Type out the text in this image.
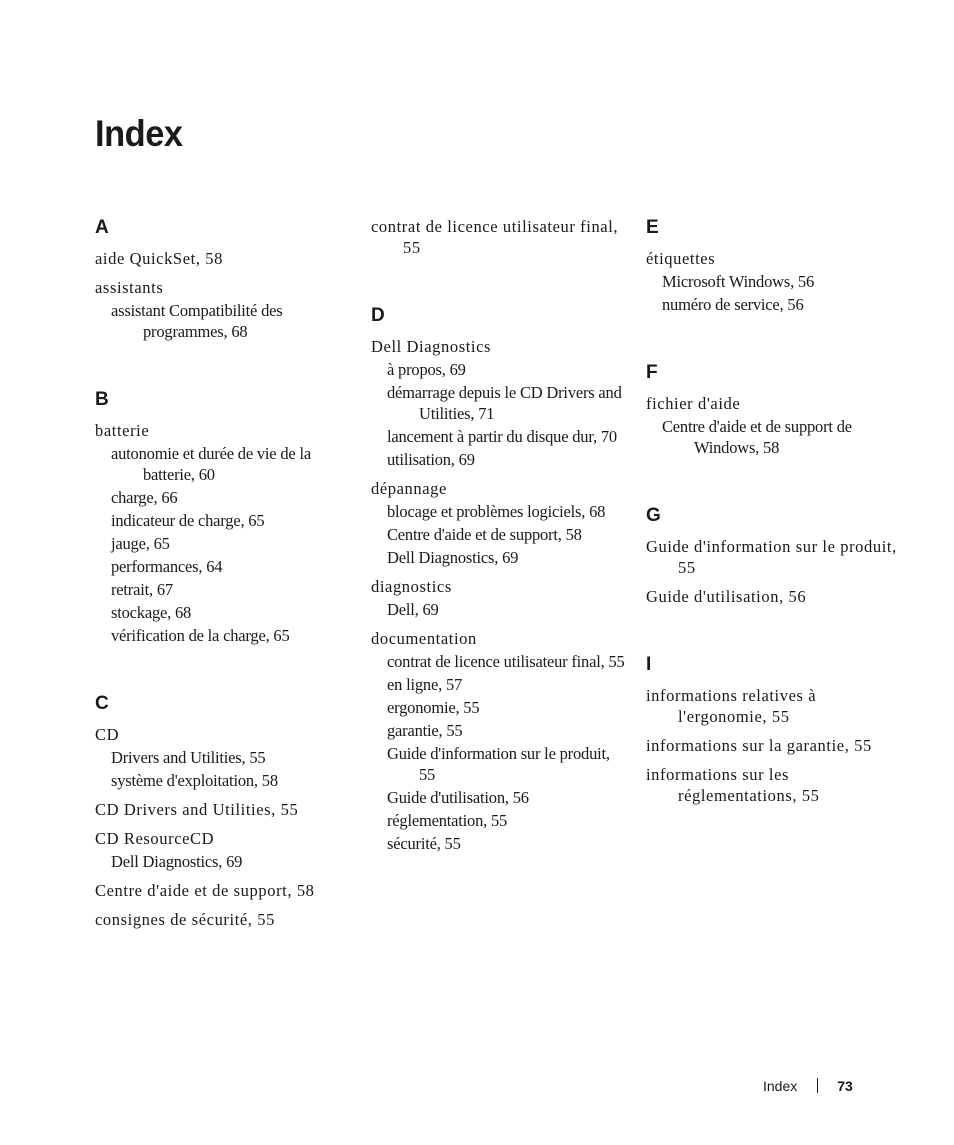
Index
A
aide QuickSet, 58
assistants
assistant Compatibilité des programmes, 68
B
batterie
autonomie et durée de vie de la batterie, 60
charge, 66
indicateur de charge, 65
jauge, 65
performances, 64
retrait, 67
stockage, 68
vérification de la charge, 65
C
CD
Drivers and Utilities, 55
système d'exploitation, 58
CD Drivers and Utilities, 55
CD ResourceCD
Dell Diagnostics, 69
Centre d'aide et de support, 58
consignes de sécurité, 55
contrat de licence utilisateur final, 55
D
Dell Diagnostics
à propos, 69
démarrage depuis le CD Drivers and Utilities, 71
lancement à partir du disque dur, 70
utilisation, 69
dépannage
blocage et problèmes logiciels, 68
Centre d'aide et de support, 58
Dell Diagnostics, 69
diagnostics
Dell, 69
documentation
contrat de licence utilisateur final, 55
en ligne, 57
ergonomie, 55
garantie, 55
Guide d'information sur le produit, 55
Guide d'utilisation, 56
réglementation, 55
sécurité, 55
E
étiquettes
Microsoft Windows, 56
numéro de service, 56
F
fichier d'aide
Centre d'aide et de support de Windows, 58
G
Guide d'information sur le produit, 55
Guide d'utilisation, 56
I
informations relatives à l'ergonomie, 55
informations sur la garantie, 55
informations sur les réglementations, 55
Index	73
